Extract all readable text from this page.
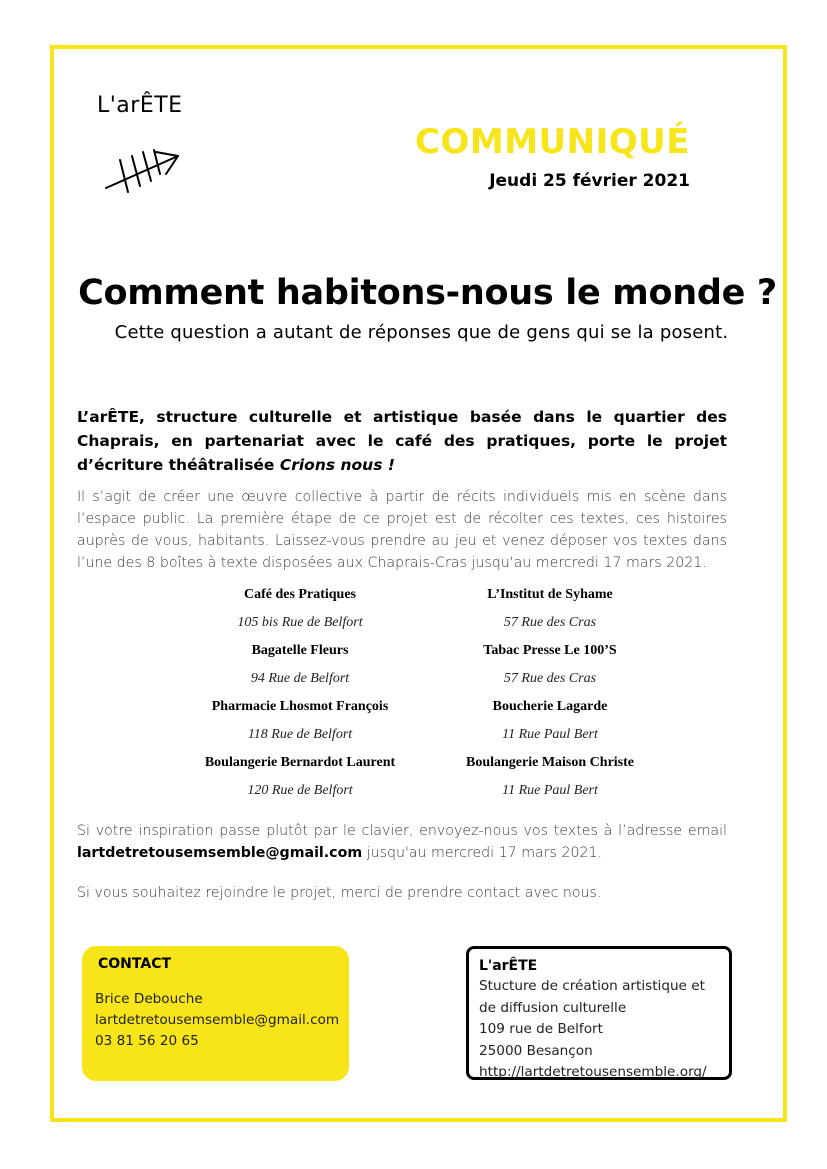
L'arÊTE
COMMUNIQUÉ
Jeudi 25 février 2021
Comment habitons-nous le monde ?
Cette question a autant de réponses que de gens qui se la posent.
L’arÊTE, structure culturelle et artistique basée dans le quartier des Chaprais, en partenariat avec le café des pratiques, porte le projet d’écriture théâtralisée Crions nous !
Il s’agit de créer une œuvre collective à partir de récits individuels mis en scène dans l’espace public. La première étape de ce projet est de récolter ces textes, ces histoires auprès de vous, habitants. Laissez-vous prendre au jeu et venez déposer vos textes dans l’une des 8 boîtes à texte disposées aux Chaprais-Cras jusqu'au mercredi 17 mars 2021.
Café des Pratiques
105 bis Rue de Belfort
Bagatelle Fleurs
94 Rue de Belfort
Pharmacie Lhosmot François
118 Rue de Belfort
Boulangerie Bernardot Laurent
120 Rue de Belfort
L’Institut de Syhame
57 Rue des Cras
Tabac Presse Le 100’S
57 Rue des Cras
Boucherie Lagarde
11 Rue Paul Bert
Boulangerie Maison Christe
11 Rue Paul Bert
Si votre inspiration passe plutôt par le clavier, envoyez-nous vos textes à l’adresse email lartdetretousemsemble@gmail.com jusqu'au mercredi 17 mars 2021.
Si vous souhaitez rejoindre le projet, merci de prendre contact avec nous.
CONTACT
Brice Debouche
lartdetretousemsemble@gmail.com
03 81 56 20 65
L'arÊTE
Stucture de création artistique et
de diffusion culturelle
109 rue de Belfort
25000 Besançon
http://lartdetretousensemble.org/
